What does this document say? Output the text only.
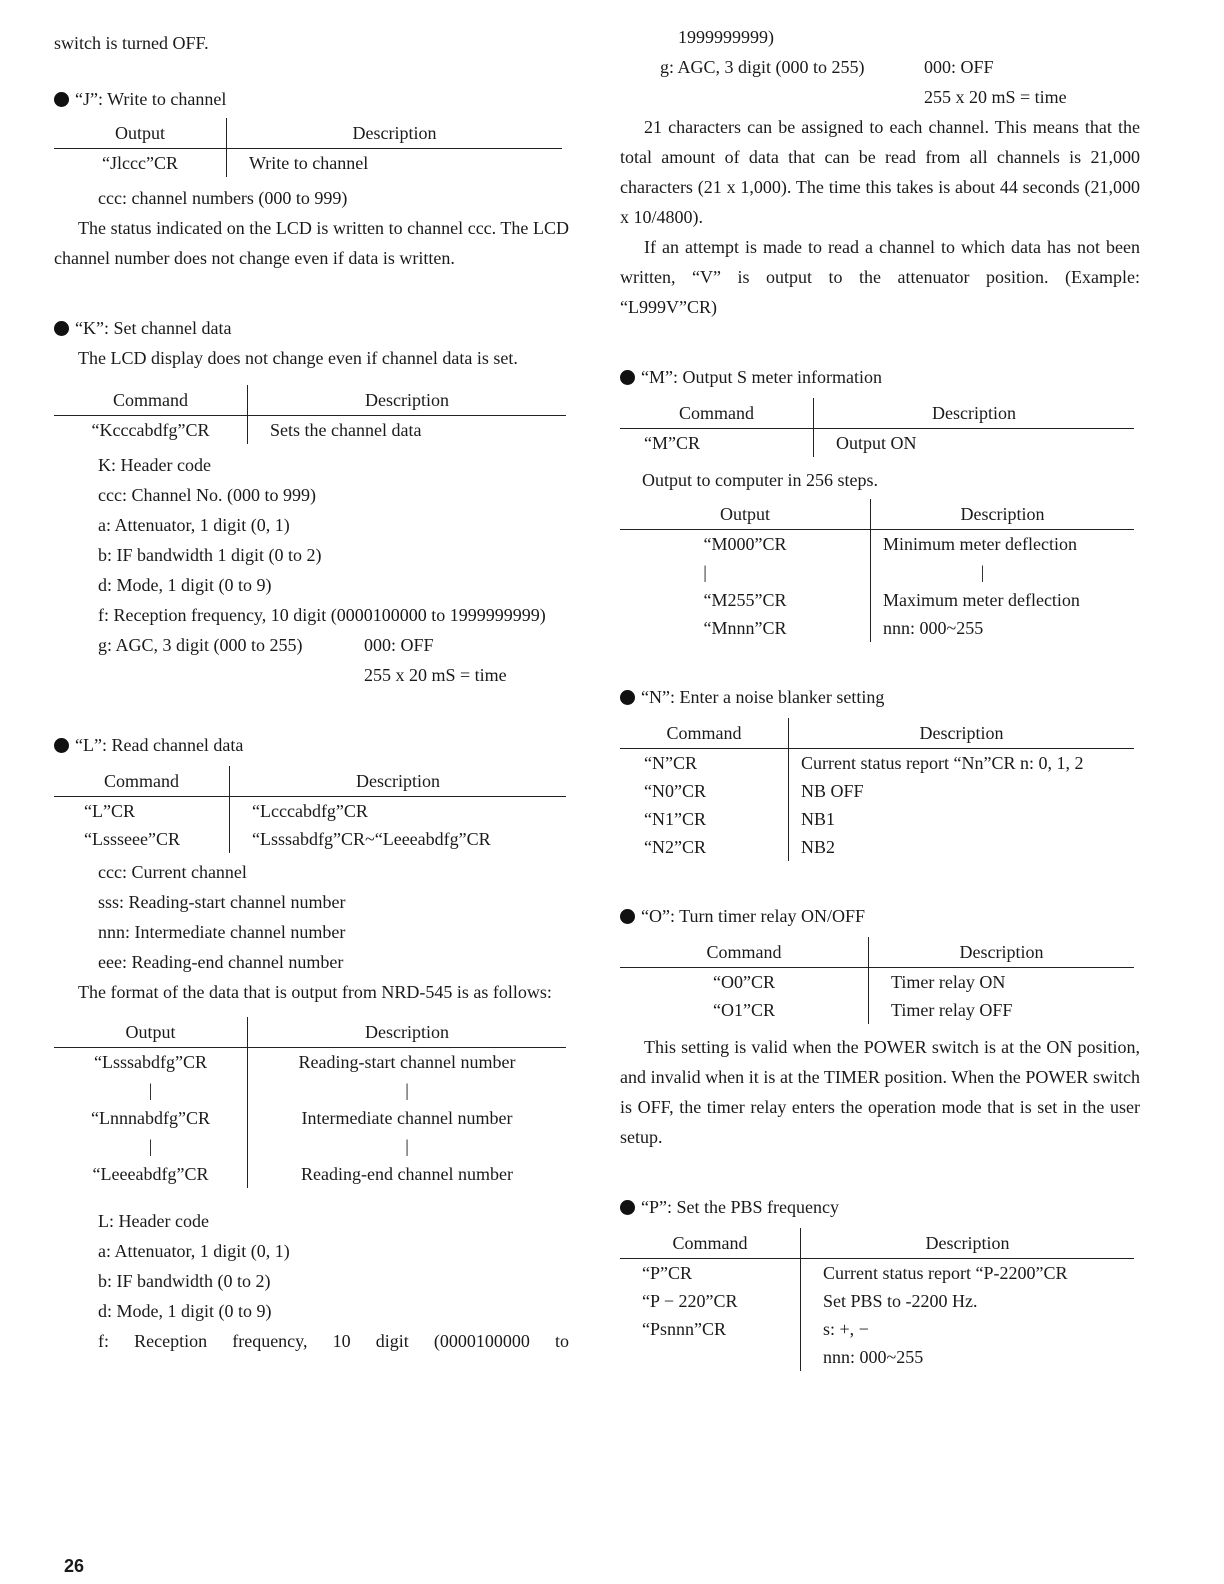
switch is turned OFF.

“J”: Write to channel
Output	Description
“Jlccc”CR	Write to channel

ccc: channel numbers (000 to 999)

The status indicated on the LCD is written to channel ccc. The LCD channel number does not change even if data is written.

“K”: Set channel data

The LCD display does not change even if channel data is set.

Command	Description
“Kcccabdfg”CR	Sets the channel data

K: Header code

ccc: Channel No. (000 to 999)

a: Attenuator, 1 digit (0, 1)

b: IF bandwidth 1 digit (0 to 2)

d: Mode, 1 digit (0 to 9)

f: Reception frequency, 10 digit (0000100000 to 1999999999)

g: AGC, 3 digit (000 to 255)	000: OFF
255 x 20 mS = time
“L”: Read channel data
Command	Description
“L”CR	“Lcccabdfg”CR
“Lssseee”CR	“Lsssabdfg”CR~“Leeeabdfg”CR

ccc: Current channel

sss: Reading-start channel number

nnn: Intermediate channel number

eee: Reading-end channel number

The format of the data that is output from NRD-545 is as follows:

Output	Description
“Lsssabdfg”CR	Reading-start channel number
|	|
“Lnnnabdfg”CR	Intermediate channel number
|	|
“Leeeabdfg”CR	Reading-end channel number

L: Header code

a: Attenuator, 1 digit (0, 1)

b: IF bandwidth (0 to 2)

d: Mode, 1 digit (0 to 9)

f: Reception frequency, 10 digit (0000100000 to

26

1999999999)

g: AGC, 3 digit (000 to 255)	000: OFF
255 x 20 mS = time

21 characters can be assigned to each channel. This means that the total amount of data that can be read from all channels is 21,000 characters (21 x 1,000). The time this takes is about 44 seconds (21,000 x 10/4800).

If an attempt is made to read a channel to which data has not been written, “V” is output to the attenuator position. (Example: “L999V”CR)

“M”: Output S meter information
Command	Description
“M”CR	Output ON

Output to computer in 256 steps.

Output	Description
“M000”CR	Minimum meter deflection
|	|
“M255”CR	Maximum meter deflection
“Mnnn”CR	nnn: 000~255
“N”: Enter a noise blanker setting
Command	Description
“N”CR	Current status report “Nn”CR n: 0, 1, 2
“N0”CR	NB OFF
“N1”CR	NB1
“N2”CR	NB2
“O”: Turn timer relay ON/OFF
Command	Description
“O0”CR	Timer relay ON
“O1”CR	Timer relay OFF

This setting is valid when the POWER switch is at the ON position, and invalid when it is at the TIMER position. When the POWER switch is OFF, the timer relay enters the operation mode that is set in the user setup.

“P”: Set the PBS frequency
Command	Description
“P”CR	Current status report “P-2200”CR
“P − 220”CR	Set PBS to -2200 Hz.
“Psnnn”CR	s: +, −
	nnn: 000~255
